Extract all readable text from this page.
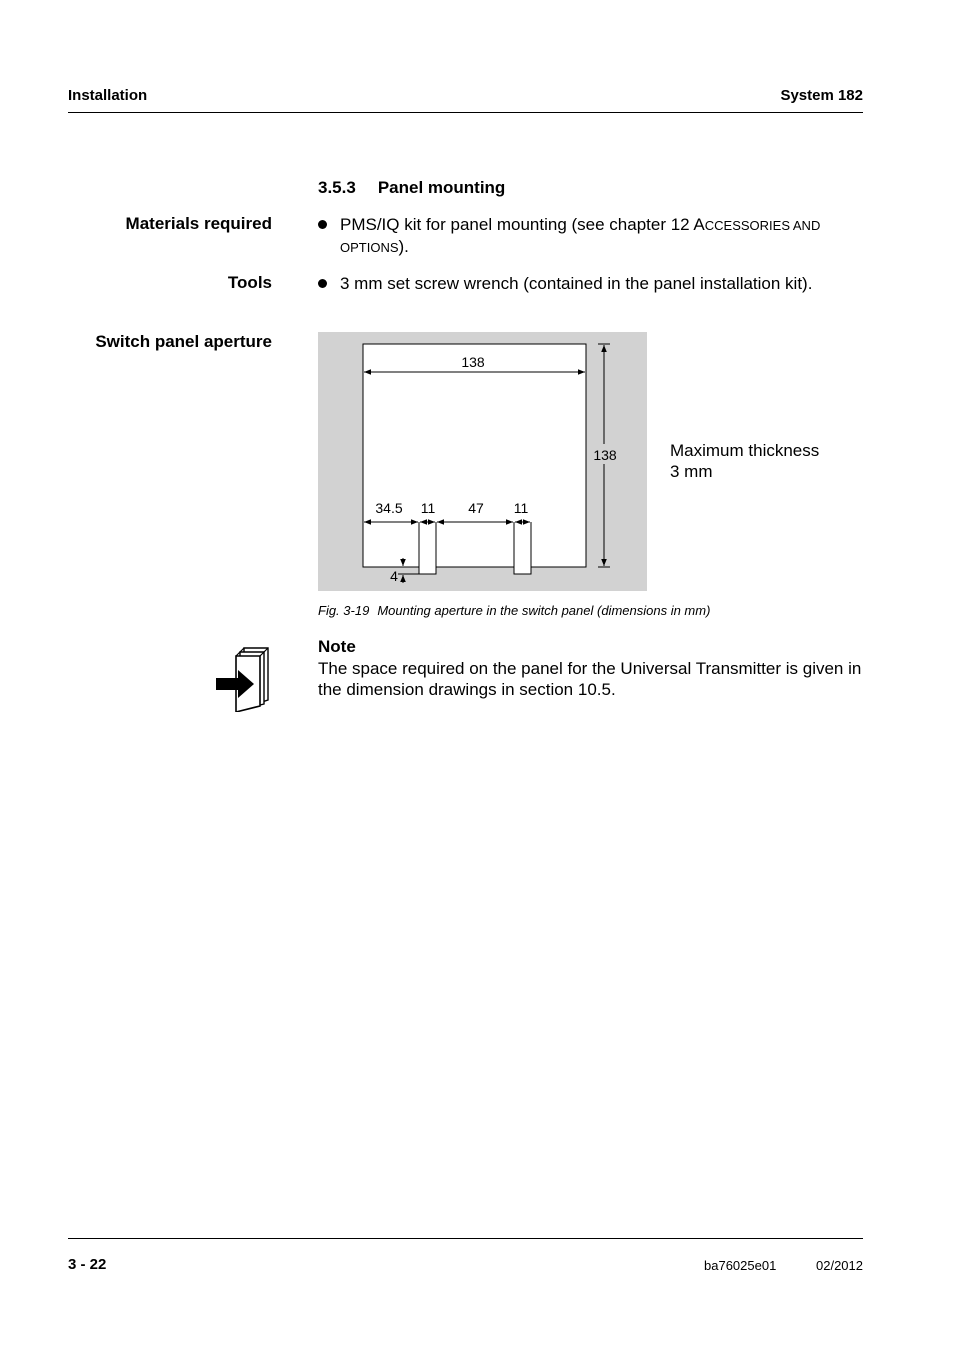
Installation	System 182
3.5.3 Panel mounting
Materials required	PMS/IQ kit for panel mounting (see chapter 12 ACCESSORIES AND
OPTIONS).
Tools	3 mm set screw wrench (contained in the panel installation kit).
Switch panel aperture
138
138
34.5 11 47 11
4
Maximum thickness
3 mm
Fig. 3-19 Mounting aperture in the switch panel (dimensions in mm)
Note
The space required on the panel for the Universal Transmitter is given in the dimension drawings in section 10.5.
3 - 22	ba76025e01	02/2012
